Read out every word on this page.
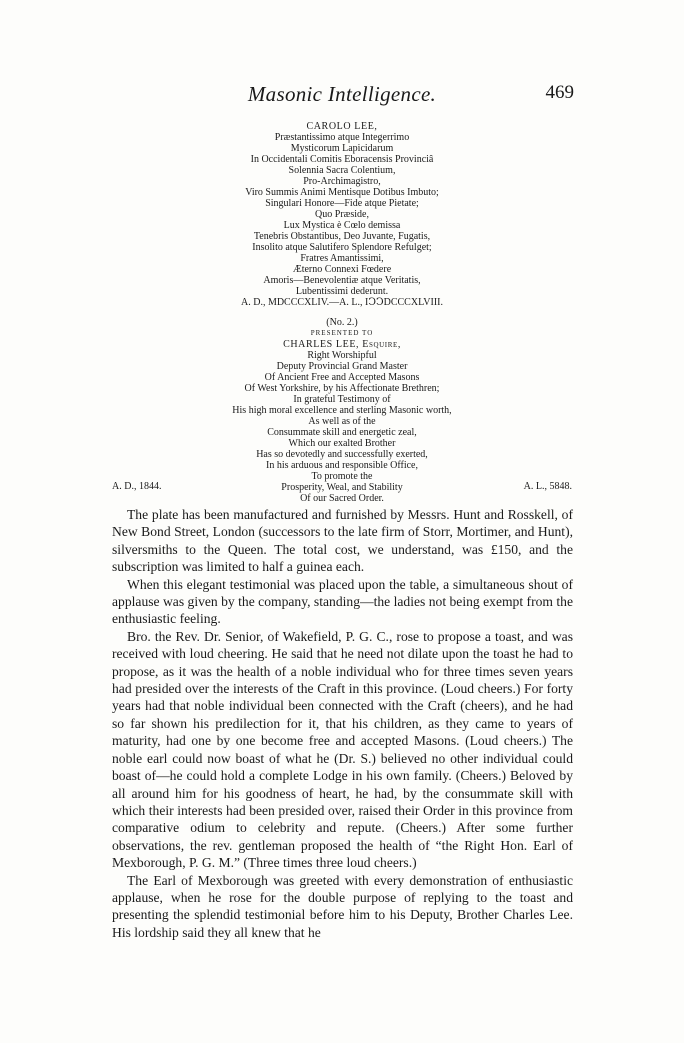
Masonic Intelligence.	469
CAROLO LEE,
Præstantissimo atque Integerrimo
Mysticorum Lapicidarum
In Occidentali Comitis Eboracensis Provinciâ
Solennia Sacra Colentium,
Pro-Archimagistro,
Viro Summis Animi Mentisque Dotibus Imbuto;
Singulari Honore—Fide atque Pietate;
Quo Præside,
Lux Mystica è Cœlo demissa
Tenebris Obstantibus, Deo Juvante, Fugatis,
Insolito atque Salutifero Splendore Refulget;
Fratres Amantissimi,
Æterno Connexi Fœdere
Amoris—Benevolentiæ atque Veritatis,
Lubentissimi dederunt.
A. D., MDCCCXLIV.—A. L., IↃↃDCCCXLVIII.
(No. 2.)
PRESENTED TO
CHARLES LEE, Esquire,
Right Worshipful
Deputy Provincial Grand Master
Of Ancient Free and Accepted Masons
Of West Yorkshire, by his Affectionate Brethren;
In grateful Testimony of
His high moral excellence and sterling Masonic worth,
As well as of the
Consummate skill and energetic zeal,
Which our exalted Brother
Has so devotedly and successfully exerted,
In his arduous and responsible Office,
To promote the
Prosperity, Weal, and Stability
Of our Sacred Order.
A. D., 1844.	A. L., 5848.

The plate has been manufactured and furnished by Messrs. Hunt and Rosskell, of New Bond Street, London (successors to the late firm of Storr, Mortimer, and Hunt), silversmiths to the Queen. The total cost, we understand, was £150, and the subscription was limited to half a guinea each.

When this elegant testimonial was placed upon the table, a simultaneous shout of applause was given by the company, standing—the ladies not being exempt from the enthusiastic feeling.

Bro. the Rev. Dr. Senior, of Wakefield, P. G. C., rose to propose a toast, and was received with loud cheering. He said that he need not dilate upon the toast he had to propose, as it was the health of a noble individual who for three times seven years had presided over the interests of the Craft in this province. (Loud cheers.) For forty years had that noble individual been connected with the Craft (cheers), and he had so far shown his predilection for it, that his children, as they came to years of maturity, had one by one become free and accepted Masons. (Loud cheers.) The noble earl could now boast of what he (Dr. S.) believed no other individual could boast of—he could hold a complete Lodge in his own family. (Cheers.) Beloved by all around him for his goodness of heart, he had, by the consummate skill with which their interests had been presided over, raised their Order in this province from comparative odium to celebrity and repute. (Cheers.) After some further observations, the rev. gentleman proposed the health of “the Right Hon. Earl of Mexborough, P. G. M.” (Three times three loud cheers.)

The Earl of Mexborough was greeted with every demonstration of enthusiastic applause, when he rose for the double purpose of replying to the toast and presenting the splendid testimonial before him to his Deputy, Brother Charles Lee. His lordship said they all knew that he
